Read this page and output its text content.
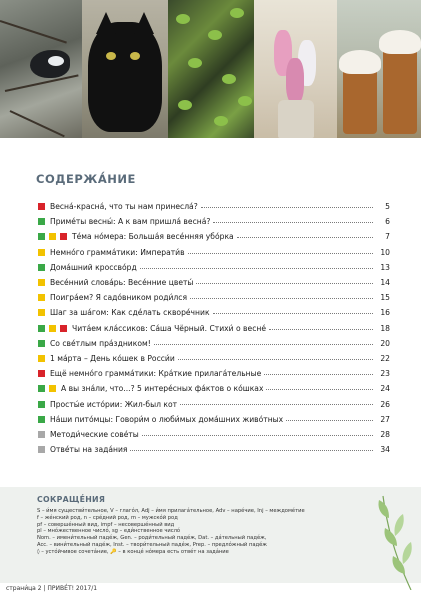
СОДЕРЖА́НИЕ
Весна́-красна́, что ты нам принесла́?	5
Приме́ты весны́: А к вам пришла́ весна́?	6
Те́ма но́мера: Больша́я весе́нняя убо́рка	7
Немно́го грамма́тики: Императи́в	10
Дома́шний кроссво́рд	13
Весе́нний слова́рь: Весе́нние цветы́	14
Поигра́ем? Я садо́вником роди́лся	15
Шаг за ша́гом: Как сде́лать скворе́чник	16
Чита́ем кла́ссиков: Са́ша Чёрный. Стихи́ о весне́	18
Со све́тлым пра́здником!	20
1 ма́рта – День ко́шек в Росси́и	22
Ещё немно́го грамма́тики: Кра́ткие прилага́тельные	23
А вы зна́ли, что...? 5 интере́сных фа́ктов о ко́шках	24
Просты́е исто́рии: Жил-был кот	26
На́ши пито́мцы: Говори́м о люби́мых дома́шних живо́тных	27
Методи́ческие сове́ты	28
Отве́ты на зада́ния	34
СОКРАЩЕ́НИЯ
S – и́мя существи́тельное, V – глаго́л, Adj – и́мя прилага́тельное, Adv – наре́чие, Inj – междоме́тие
f – же́нский род, n – сре́дний род, m – мужско́й род
pf – соверше́нный вид, impf – несоверше́нный вид
pl – мно́жественное число́, sg – еди́нственное число́
Nom. – имени́тельный паде́ж, Gen. – роди́тельный паде́ж, Dat. – да́тельный паде́ж,
Acc. – вини́тельный паде́ж, Inst. – твори́тельный паде́ж, Prep. – предло́жный паде́ж
◊ – усто́йчивое сочета́ние, 🔑 – в конце́ но́мера есть отве́т на зада́ние
страни́ца 2 | ПРИВЕ́Т! 2017/1
